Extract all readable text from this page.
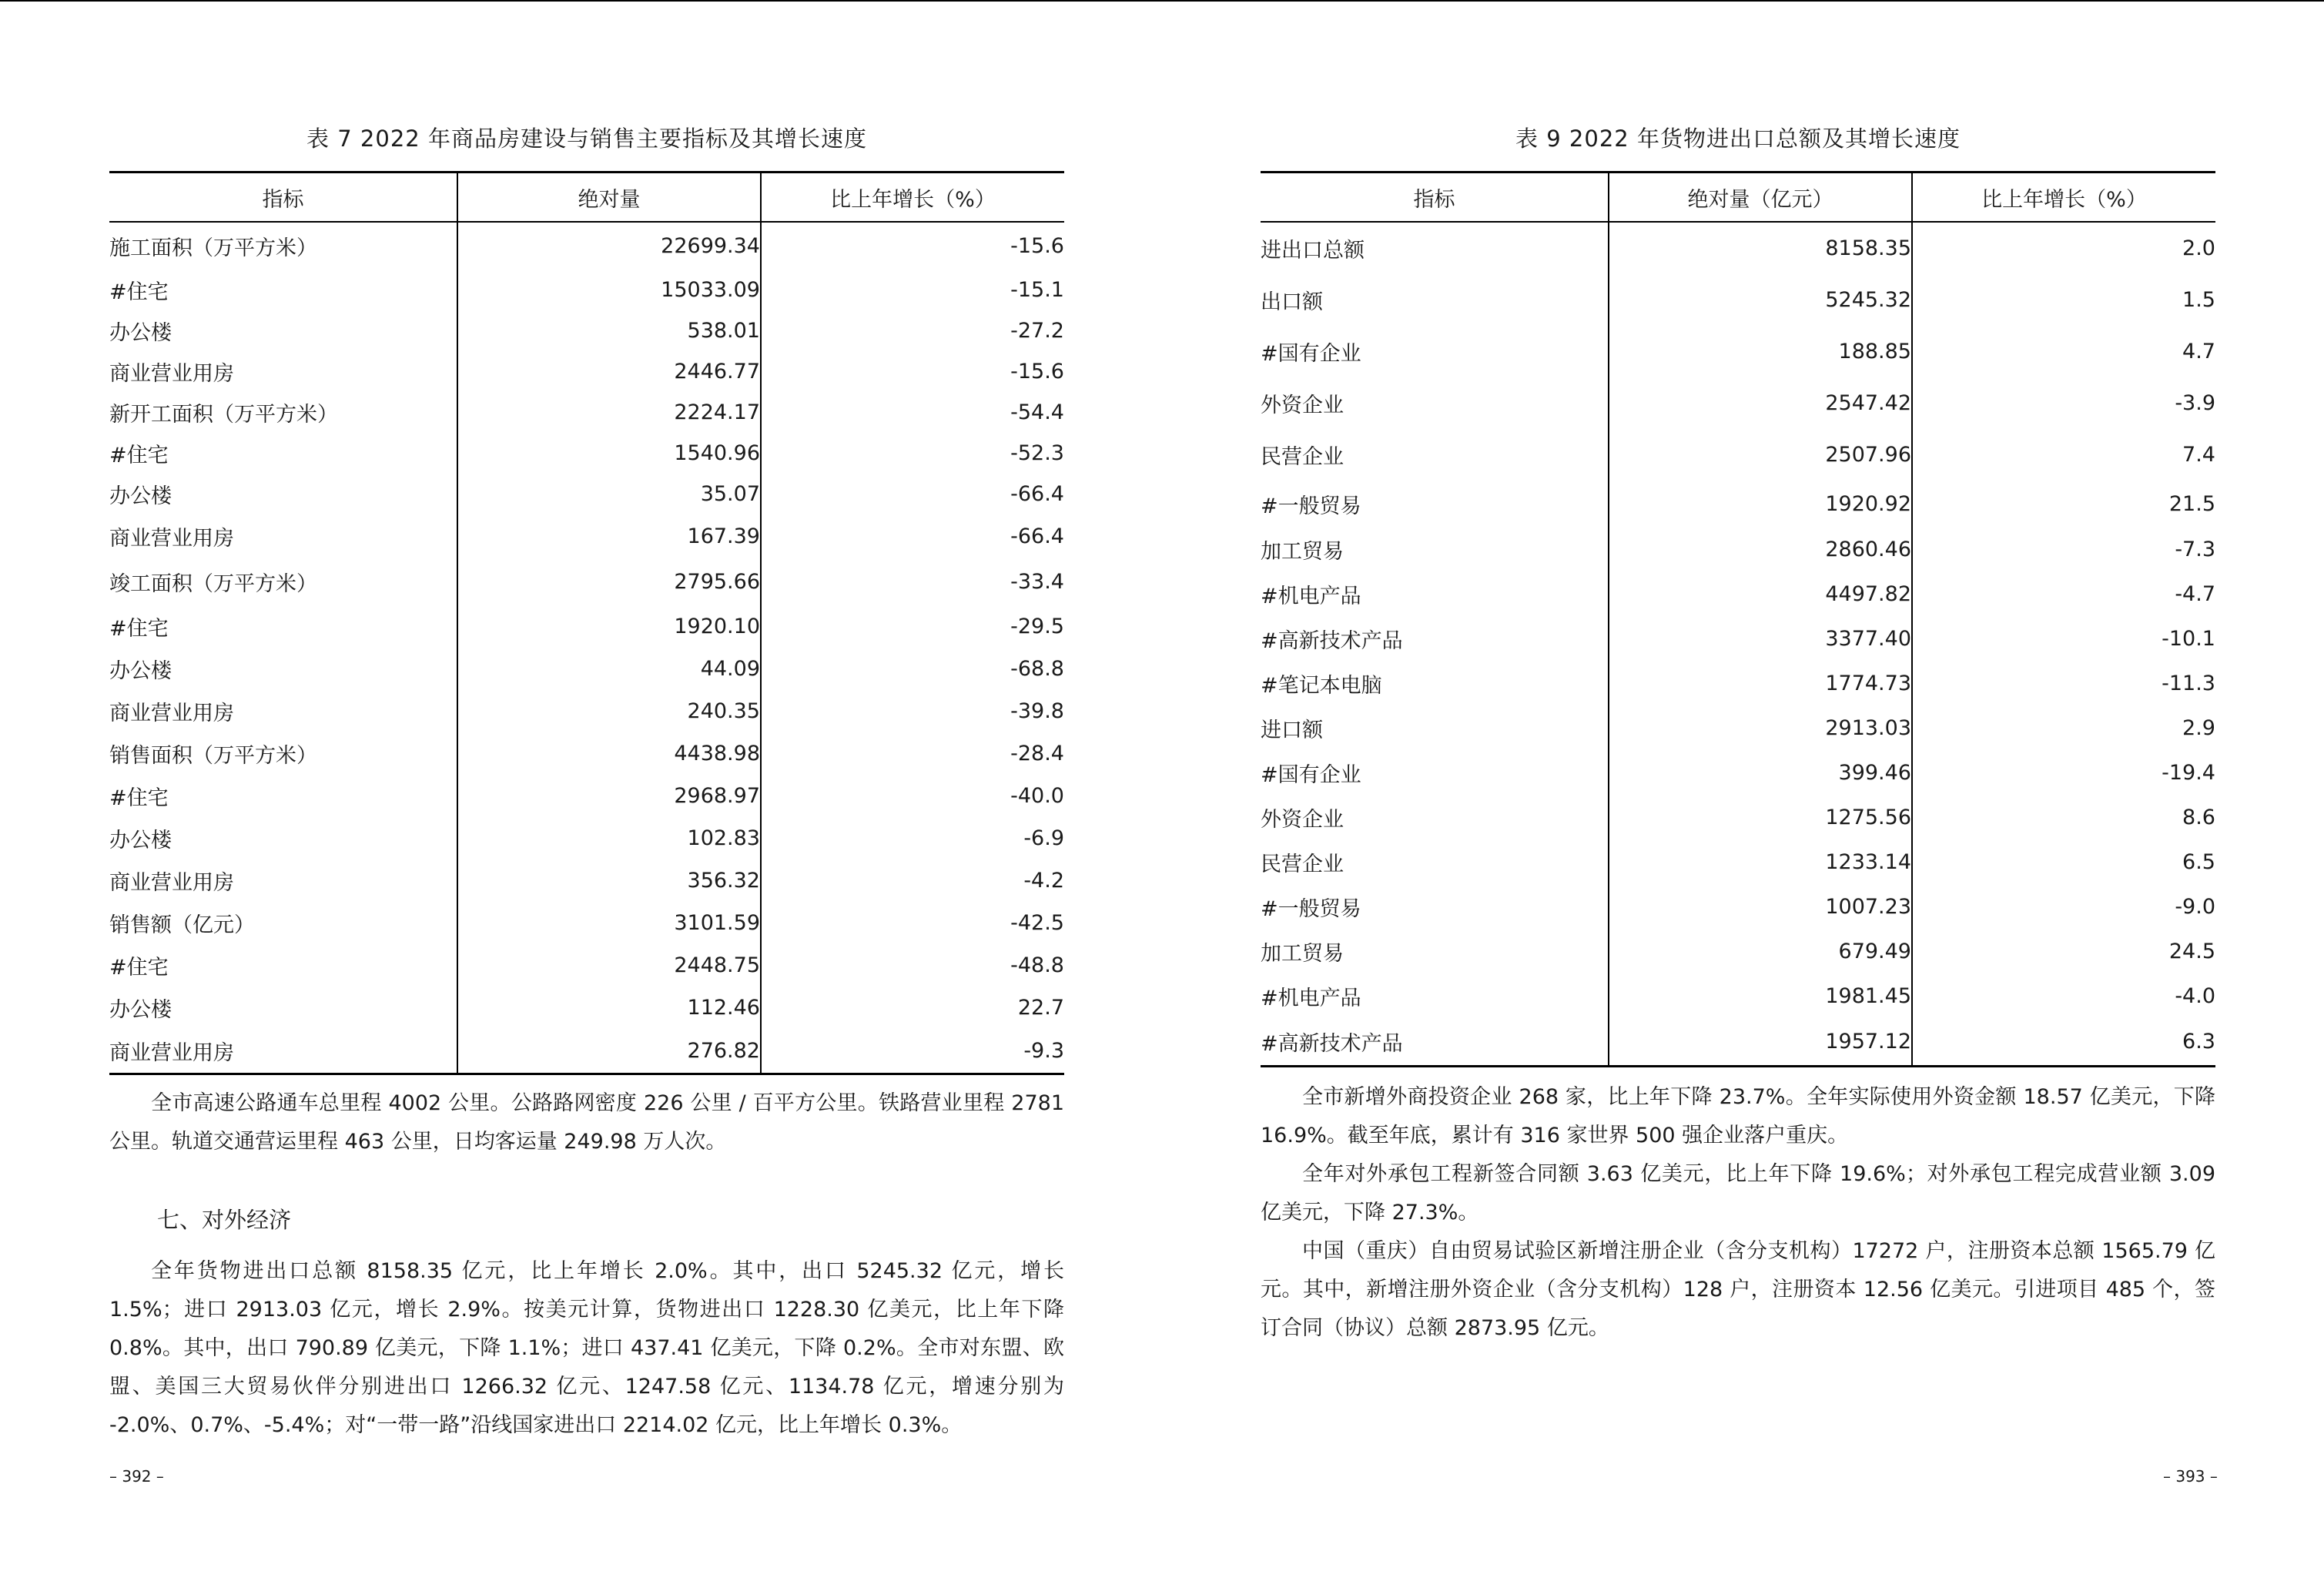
表 7 2022 年商品房建设与销售主要指标及其增长速度
指标	绝对量	比上年增长（%）
施工面积（万平方米）	22699.34	-15.6
#住宅	15033.09	-15.1
办公楼	538.01	-27.2
商业营业用房	2446.77	-15.6
新开工面积（万平方米）	2224.17	-54.4
#住宅	1540.96	-52.3
办公楼	35.07	-66.4
商业营业用房	167.39	-66.4
竣工面积（万平方米）	2795.66	-33.4
#住宅	1920.10	-29.5
办公楼	44.09	-68.8
商业营业用房	240.35	-39.8
销售面积（万平方米）	4438.98	-28.4
#住宅	2968.97	-40.0
办公楼	102.83	-6.9
商业营业用房	356.32	-4.2
销售额（亿元）	3101.59	-42.5
#住宅	2448.75	-48.8
办公楼	112.46	22.7
商业营业用房	276.82	-9.3

全市高速公路通车总里程 4002 公里。公路路网密度 226 公里 / 百平方公里。铁路营业里程 2781 公里。轨道交通营运里程 463 公里，日均客运量 249.98 万人次。

七、对外经济

全年货物进出口总额 8158.35 亿元，比上年增长 2.0%。其中，出口 5245.32 亿元，增长 1.5%；进口 2913.03 亿元，增长 2.9%。按美元计算，货物进出口 1228.30 亿美元，比上年下降 0.8%。其中，出口 790.89 亿美元，下降 1.1%；进口 437.41 亿美元，下降 0.2%。全市对东盟、欧盟、美国三大贸易伙伴分别进出口 1266.32 亿元、1247.58 亿元、1134.78 亿元，增速分别为 -2.0%、0.7%、-5.4%；对“一带一路”沿线国家进出口 2214.02 亿元，比上年增长 0.3%。

– 392 –
表 9 2022 年货物进出口总额及其增长速度
指标	绝对量（亿元）	比上年增长（%）
进出口总额	8158.35	2.0
出口额	5245.32	1.5
#国有企业	188.85	4.7
外资企业	2547.42	-3.9
民营企业	2507.96	7.4
#一般贸易	1920.92	21.5
加工贸易	2860.46	-7.3
#机电产品	4497.82	-4.7
#高新技术产品	3377.40	-10.1
#笔记本电脑	1774.73	-11.3
进口额	2913.03	2.9
#国有企业	399.46	-19.4
外资企业	1275.56	8.6
民营企业	1233.14	6.5
#一般贸易	1007.23	-9.0
加工贸易	679.49	24.5
#机电产品	1981.45	-4.0
#高新技术产品	1957.12	6.3

全市新增外商投资企业 268 家，比上年下降 23.7%。全年实际使用外资金额 18.57 亿美元，下降 16.9%。截至年底，累计有 316 家世界 500 强企业落户重庆。

全年对外承包工程新签合同额 3.63 亿美元，比上年下降 19.6%；对外承包工程完成营业额 3.09 亿美元，下降 27.3%。

中国（重庆）自由贸易试验区新增注册企业（含分支机构）17272 户，注册资本总额 1565.79 亿元。其中，新增注册外资企业（含分支机构）128 户，注册资本 12.56 亿美元。引进项目 485 个，签订合同（协议）总额 2873.95 亿元。

– 393 –
